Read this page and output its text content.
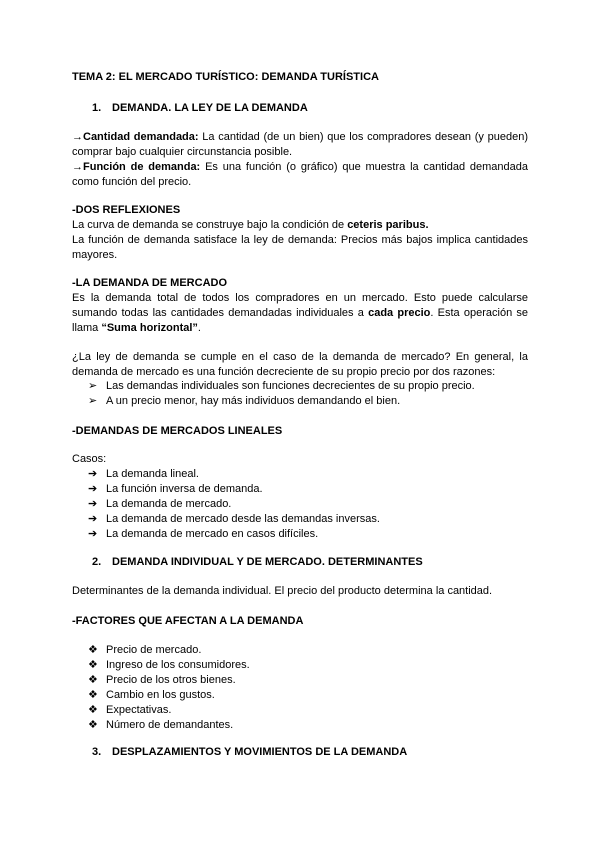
TEMA 2: EL MERCADO TURÍSTICO: DEMANDA TURÍSTICA

1. DEMANDA. LA LEY DE LA DEMANDA

→Cantidad demandada: La cantidad (de un bien) que los compradores desean (y pueden) comprar bajo cualquier circunstancia posible.

→Función de demanda: Es una función (o gráfico) que muestra la cantidad demandada como función del precio.

-DOS REFLEXIONES

La curva de demanda se construye bajo la condición de ceteris paribus.

La función de demanda satisface la ley de demanda: Precios más bajos implica cantidades mayores.

-LA DEMANDA DE MERCADO

Es la demanda total de todos los compradores en un mercado. Esto puede calcularse sumando todas las cantidades demandadas individuales a cada precio. Esta operación se llama “Suma horizontal”.

¿La ley de demanda se cumple en el caso de la demanda de mercado? En general, la demanda de mercado es una función decreciente de su propio precio por dos razones:

➢ Las demandas individuales son funciones decrecientes de su propio precio.
➢ A un precio menor, hay más individuos demandando el bien.

-DEMANDAS DE MERCADOS LINEALES

Casos:

➔ La demanda lineal.
➔ La función inversa de demanda.
➔ La demanda de mercado.
➔ La demanda de mercado desde las demandas inversas.
➔ La demanda de mercado en casos difíciles.

2. DEMANDA INDIVIDUAL Y DE MERCADO. DETERMINANTES

Determinantes de la demanda individual. El precio del producto determina la cantidad.

-FACTORES QUE AFECTAN A LA DEMANDA

❖ Precio de mercado.
❖ Ingreso de los consumidores.
❖ Precio de los otros bienes.
❖ Cambio en los gustos.
❖ Expectativas.
❖ Número de demandantes.

3. DESPLAZAMIENTOS Y MOVIMIENTOS DE LA DEMANDA
